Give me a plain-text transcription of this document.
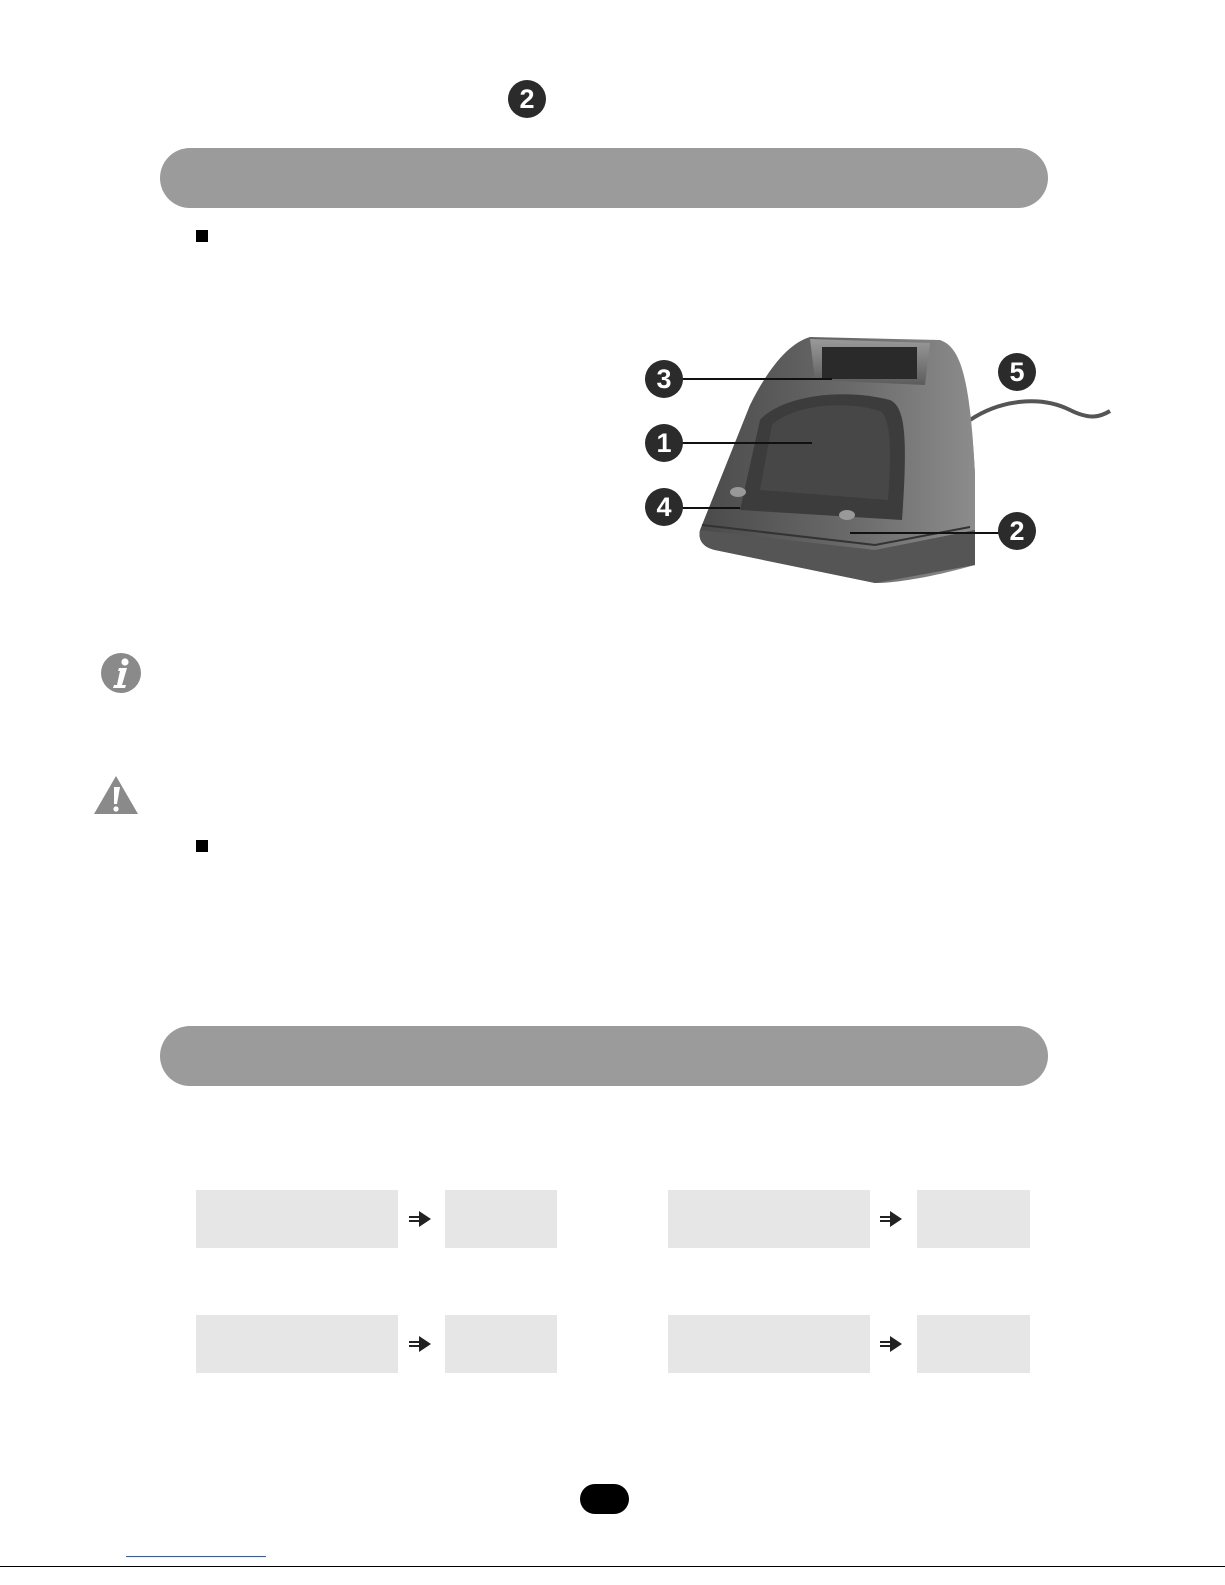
2
3
1
4
5
2
